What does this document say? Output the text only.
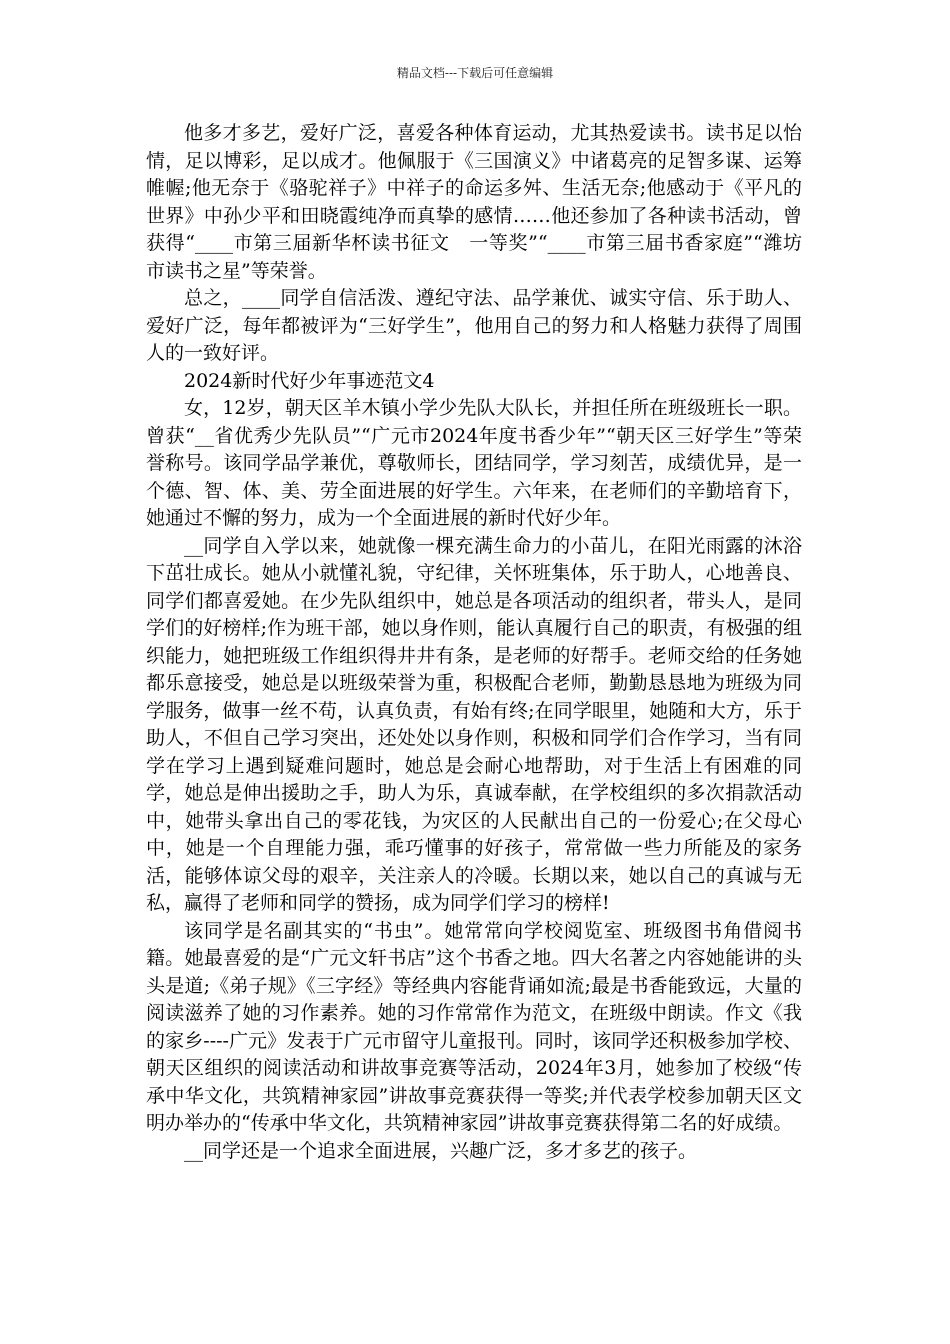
精品文档---下载后可任意编辑

他多才多艺，爱好广泛，喜爱各种体育运动，尤其热爱读书。读书足以怡情，足以博彩，足以成才。他佩服于《三国演义》中诸葛亮的足智多谋、运筹帷幄;他无奈于《骆驼祥子》中祥子的命运多舛、生活无奈;他感动于《平凡的世界》中孙少平和田晓霞纯净而真挚的感情……他还参加了各种读书活动，曾获得“____市第三届新华杯读书征文　一等奖”“____市第三届书香家庭”“潍坊市读书之星”等荣誉。

总之，____同学自信活泼、遵纪守法、品学兼优、诚实守信、乐于助人、爱好广泛，每年都被评为“三好学生”，他用自己的努力和人格魅力获得了周围人的一致好评。

2024新时代好少年事迹范文4

女，12岁，朝天区羊木镇小学少先队大队长，并担任所在班级班长一职。曾获“__省优秀少先队员”“广元市2024年度书香少年”“朝天区三好学生”等荣誉称号。该同学品学兼优，尊敬师长，团结同学，学习刻苦，成绩优异，是一个德、智、体、美、劳全面进展的好学生。六年来，在老师们的辛勤培育下，她通过不懈的努力，成为一个全面进展的新时代好少年。

__同学自入学以来，她就像一棵充满生命力的小苗儿，在阳光雨露的沐浴下茁壮成长。她从小就懂礼貌，守纪律，关怀班集体，乐于助人，心地善良、同学们都喜爱她。在少先队组织中，她总是各项活动的组织者，带头人，是同学们的好榜样;作为班干部，她以身作则，能认真履行自己的职责，有极强的组织能力，她把班级工作组织得井井有条，是老师的好帮手。老师交给的任务她都乐意接受，她总是以班级荣誉为重，积极配合老师，勤勤恳恳地为班级为同学服务，做事一丝不苟，认真负责，有始有终;在同学眼里，她随和大方，乐于助人，不但自己学习突出，还处处以身作则，积极和同学们合作学习，当有同学在学习上遇到疑难问题时，她总是会耐心地帮助，对于生活上有困难的同学，她总是伸出援助之手，助人为乐，真诚奉献，在学校组织的多次捐款活动中，她带头拿出自己的零花钱，为灾区的人民献出自己的一份爱心;在父母心中，她是一个自理能力强，乖巧懂事的好孩子，常常做一些力所能及的家务活，能够体谅父母的艰辛，关注亲人的冷暖。长期以来，她以自己的真诚与无私，赢得了老师和同学的赞扬，成为同学们学习的榜样!

该同学是名副其实的“书虫”。她常常向学校阅览室、班级图书角借阅书籍。她最喜爱的是“广元文轩书店”这个书香之地。四大名著之内容她能讲的头头是道;《弟子规》《三字经》等经典内容能背诵如流;最是书香能致远，大量的阅读滋养了她的习作素养。她的习作常常作为范文，在班级中朗读。作文《我的家乡----广元》发表于广元市留守儿童报刊。同时，该同学还积极参加学校、朝天区组织的阅读活动和讲故事竞赛等活动，2024年3月，她参加了校级“传承中华文化，共筑精神家园”讲故事竞赛获得一等奖;并代表学校参加朝天区文明办举办的“传承中华文化，共筑精神家园”讲故事竞赛获得第二名的好成绩。

__同学还是一个追求全面进展，兴趣广泛，多才多艺的孩子。
